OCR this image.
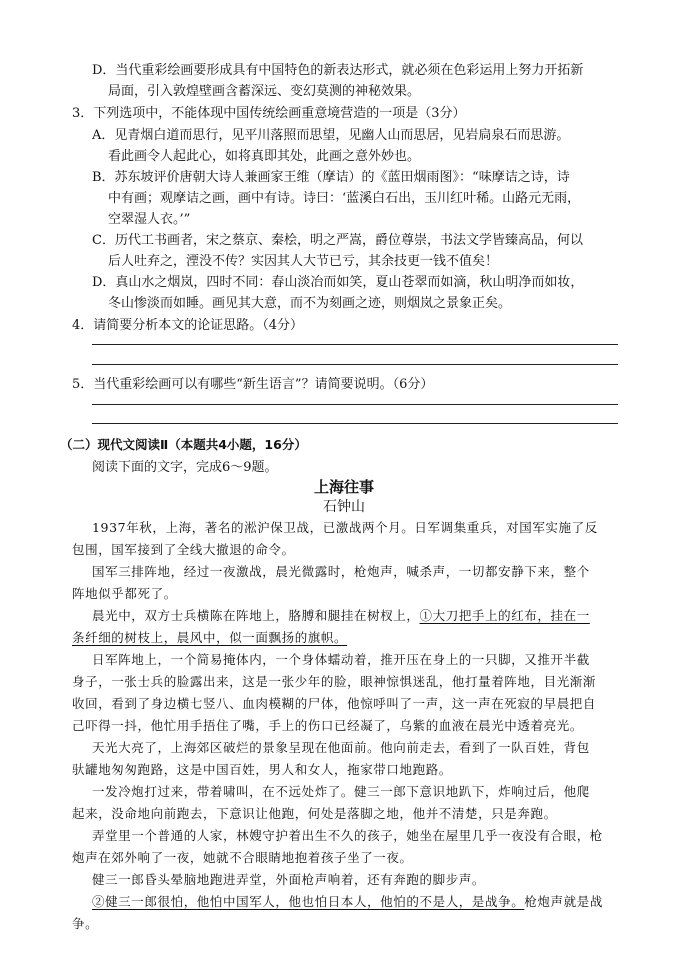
D．当代重彩绘画要形成具有中国特色的新表达形式，就必须在色彩运用上努力开拓新
局面，引入敦煌壁画含蓄深远、变幻莫测的神秘效果。
3．下列选项中，不能体现中国传统绘画重意境营造的一项是（3分）
A．见青烟白道而思行，见平川落照而思望，见幽人山而思居，见岩扃泉石而思游。
看此画令人起此心，如将真即其处，此画之意外妙也。
B．苏东坡评价唐朝大诗人兼画家王维（摩诘）的《蓝田烟雨图》：“味摩诘之诗，诗
中有画；观摩诘之画，画中有诗。诗曰：‘蓝溪白石出，玉川红叶稀。山路元无雨，
空翠湿人衣。’”
C．历代工书画者，宋之蔡京、秦桧，明之严嵩，爵位尊崇，书法文学皆臻高品，何以
后人吐弃之，湮没不传？实因其人大节已亏，其余技更一钱不值矣！
D．真山水之烟岚，四时不同：春山淡冶而如笑，夏山苍翠而如滴，秋山明净而如妆，
冬山惨淡而如睡。画见其大意，而不为刻画之迹，则烟岚之景象正矣。
4．请简要分析本文的论证思路。（4分）
5．当代重彩绘画可以有哪些“新生语言”？请简要说明。（6分）
（二）现代文阅读Ⅱ（本题共4小题，16分）
阅读下面的文字，完成6～9题。
上海往事
石钟山
1937年秋，上海，著名的淞沪保卫战，已激战两个月。日军调集重兵，对国军实施了反
包围，国军接到了全线大撤退的命令。
国军三排阵地，经过一夜激战，晨光微露时，枪炮声，喊杀声，一切都安静下来，整个
阵地似乎都死了。
晨光中，双方士兵横陈在阵地上，胳膊和腿挂在树杈上，①大刀把手上的红布，挂在一
条纤细的树枝上，晨风中，似一面飘扬的旗帜。
日军阵地上，一个简易掩体内，一个身体蠕动着，推开压在身上的一只脚，又推开半截
身子，一张士兵的脸露出来，这是一张少年的脸，眼神惊惧迷乱，他打量着阵地，目光渐渐
收回，看到了身边横七竖八、血肉模糊的尸体，他惊呼叫了一声，这一声在死寂的早晨把自
己吓得一抖，他忙用手捂住了嘴，手上的伤口已经凝了，乌紫的血液在晨光中透着亮光。
天光大亮了，上海郊区破烂的景象呈现在他面前。他向前走去，看到了一队百姓，背包
驮罐地匆匆跑路，这是中国百姓，男人和女人，拖家带口地跑路。
一发冷炮打过来，带着啸叫，在不远处炸了。健三一郎下意识地趴下，炸响过后，他爬
起来，没命地向前跑去，下意识让他跑，何处是落脚之地，他并不清楚，只是奔跑。
弄堂里一个普通的人家，林嫂守护着出生不久的孩子，她坐在屋里几乎一夜没有合眼，枪
炮声在郊外响了一夜，她就不合眼睛地抱着孩子坐了一夜。
健三一郎昏头晕脑地跑进弄堂，外面枪声响着，还有奔跑的脚步声。
②健三一郎很怕，他怕中国军人，他也怕日本人，他怕的不是人，是战争。枪炮声就是战
争。
